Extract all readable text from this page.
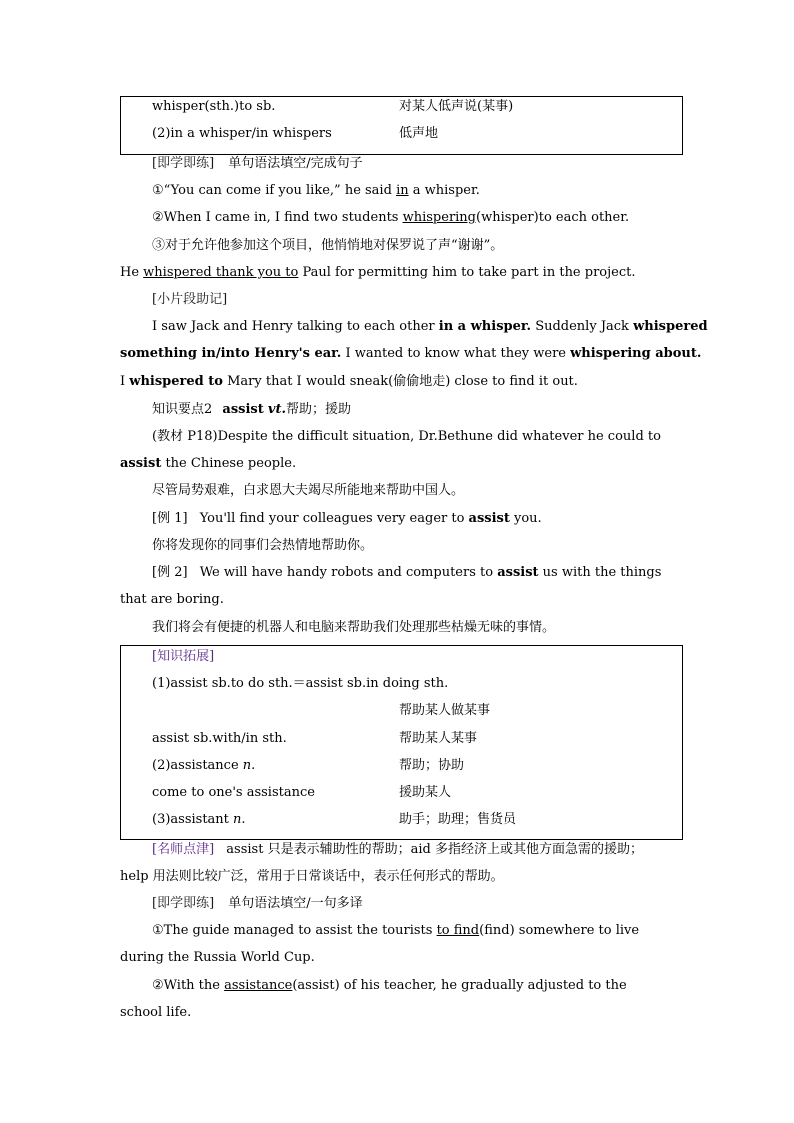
whisper(sth.)to sb.	对某人低声说(某事)
(2)in a whisper/in whispers	低声地
[即学即练] 单句语法填空/完成句子
①“You can come if you like,” he said in a whisper.
②When I came in, I find two students whispering(whisper)to each other.
③对于允许他参加这个项目，他悄悄地对保罗说了声“谢谢”。
He whispered thank you to Paul for permitting him to take part in the project.
[小片段助记]
I saw Jack and Henry talking to each other in a whisper. Suddenly Jack whispered
something in/into Henry's ear. I wanted to know what they were whispering about.
I whispered to Mary that I would sneak(偷偷地走) close to find it out.
知识要点2 assist vt.帮助；援助
(教材 P18)Despite the difficult situation, Dr.Bethune did whatever he could to
assist the Chinese people.
尽管局势艰难，白求恩大夫竭尽所能地来帮助中国人。
[例 1] You'll find your colleagues very eager to assist you.
你将发现你的同事们会热情地帮助你。
[例 2] We will have handy robots and computers to assist us with the things
that are boring.
我们将会有便捷的机器人和电脑来帮助我们处理那些枯燥无味的事情。
[知识拓展]
(1)assist sb.to do sth.＝assist sb.in doing sth.
帮助某人做某事
assist sb.with/in sth.	帮助某人某事
(2)assistance n.	帮助；协助
come to one's assistance	援助某人
(3)assistant n.	助手；助理；售货员
[名师点津] assist 只是表示辅助性的帮助；aid 多指经济上或其他方面急需的援助；
help 用法则比较广泛，常用于日常谈话中，表示任何形式的帮助。
[即学即练] 单句语法填空/一句多译
①The guide managed to assist the tourists to find(find) somewhere to live
during the Russia World Cup.
②With the assistance(assist) of his teacher, he gradually adjusted to the
school life.
